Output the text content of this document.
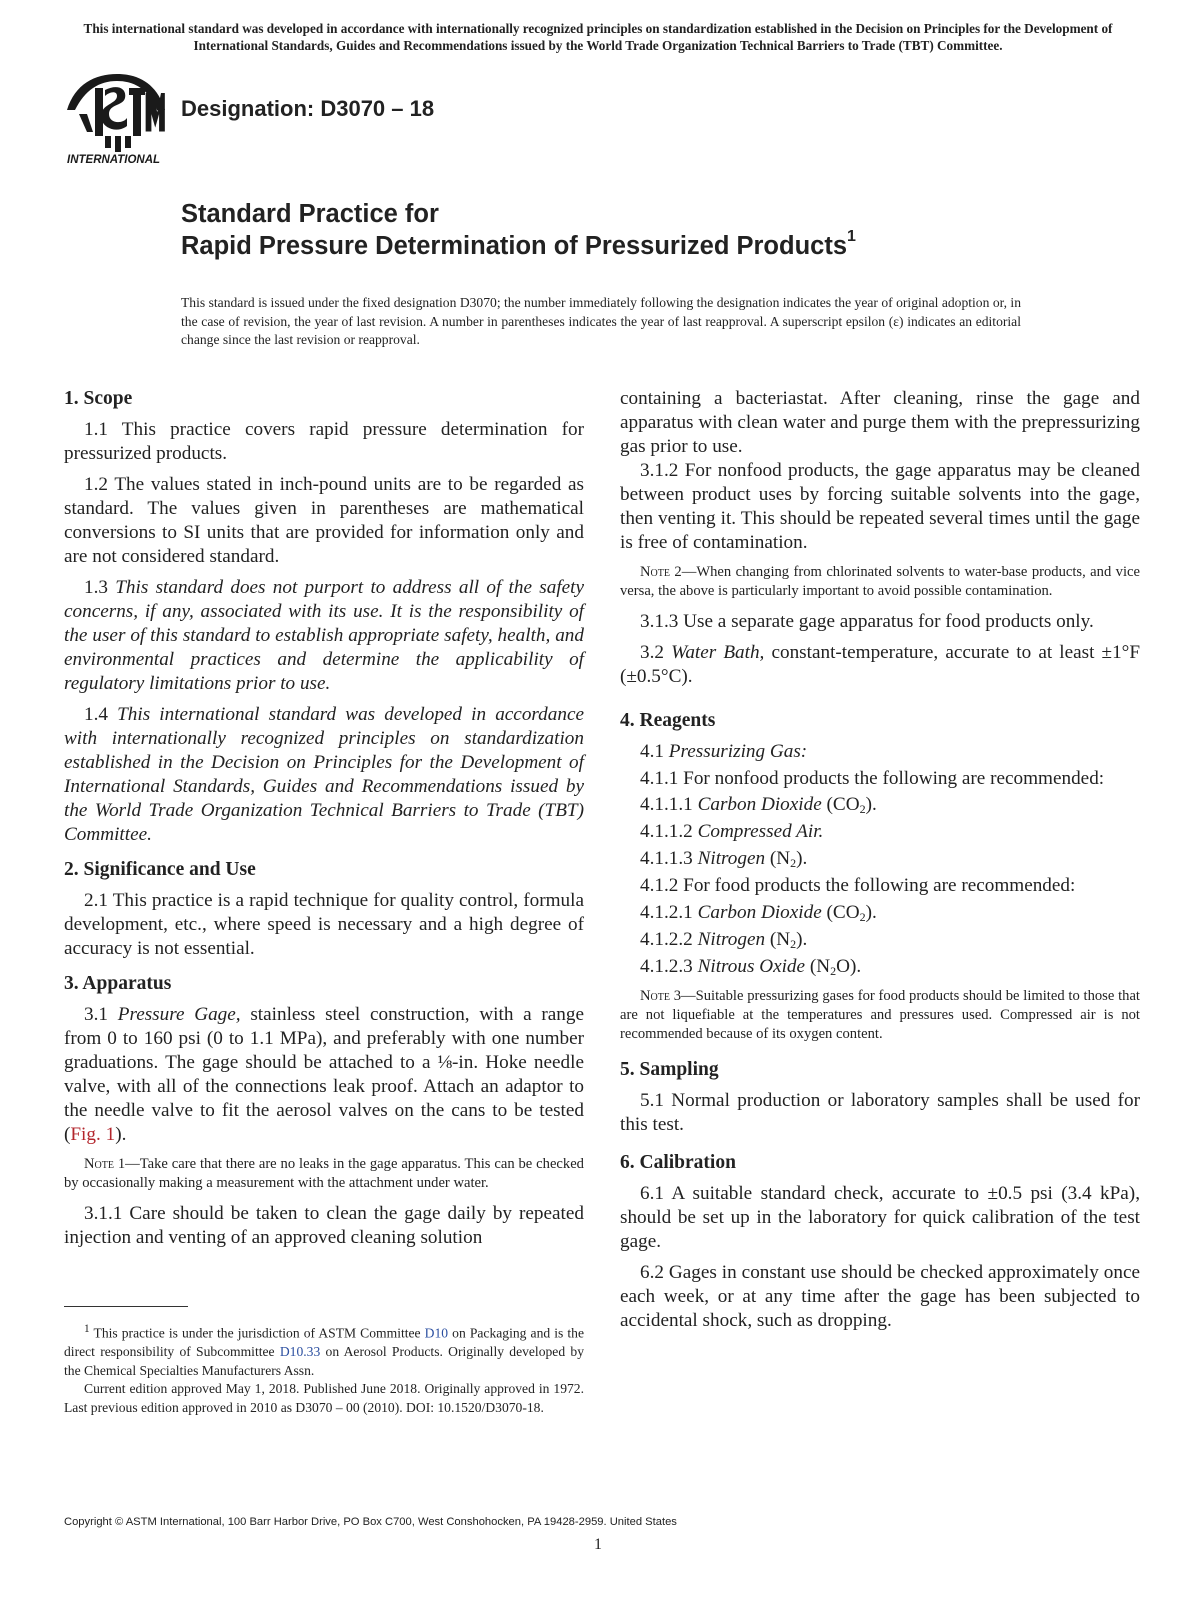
This international standard was developed in accordance with internationally recognized principles on standardization established in the Decision on Principles for the Development of International Standards, Guides and Recommendations issued by the World Trade Organization Technical Barriers to Trade (TBT) Committee.
INTERNATIONAL
Designation: D3070 – 18
Standard Practice for
Rapid Pressure Determination of Pressurized Products$^1$
This standard is issued under the fixed designation D3070; the number immediately following the designation indicates the year of original adoption or, in the case of revision, the year of last revision. A number in parentheses indicates the year of last reapproval. A superscript epsilon (ε) indicates an editorial change since the last revision or reapproval.
1. Scope

1.1 This practice covers rapid pressure determination for pressurized products.

1.2 The values stated in inch-pound units are to be regarded as standard. The values given in parentheses are mathematical conversions to SI units that are provided for information only and are not considered standard.

1.3 This standard does not purport to address all of the safety concerns, if any, associated with its use. It is the responsibility of the user of this standard to establish appropriate safety, health, and environmental practices and determine the applicability of regulatory limitations prior to use.

1.4 This international standard was developed in accordance with internationally recognized principles on standardization established in the Decision on Principles for the Development of International Standards, Guides and Recommendations issued by the World Trade Organization Technical Barriers to Trade (TBT) Committee.

2. Significance and Use

2.1 This practice is a rapid technique for quality control, formula development, etc., where speed is necessary and a high degree of accuracy is not essential.

3. Apparatus

3.1 Pressure Gage, stainless steel construction, with a range from 0 to 160 psi (0 to 1.1 MPa), and preferably with one number graduations. The gage should be attached to a ⅛-in. Hoke needle valve, with all of the connections leak proof. Attach an adaptor to the needle valve to fit the aerosol valves on the cans to be tested (Fig. 1).

Note 1—Take care that there are no leaks in the gage apparatus. This can be checked by occasionally making a measurement with the attachment under water.

3.1.1 Care should be taken to clean the gage daily by repeated injection and venting of an approved cleaning solution

containing a bacteriastat. After cleaning, rinse the gage and apparatus with clean water and purge them with the prepressurizing gas prior to use.

3.1.2 For nonfood products, the gage apparatus may be cleaned between product uses by forcing suitable solvents into the gage, then venting it. This should be repeated several times until the gage is free of contamination.

Note 2—When changing from chlorinated solvents to water-base products, and vice versa, the above is particularly important to avoid possible contamination.

3.1.3 Use a separate gage apparatus for food products only.

3.2 Water Bath, constant-temperature, accurate to at least ±1°F (±0.5°C).

4. Reagents

4.1 Pressurizing Gas:

4.1.1 For nonfood products the following are recommended:

4.1.1.1 Carbon Dioxide $(CO_2)$.

4.1.1.2 Compressed Air.

4.1.1.3 Nitrogen $(N_2)$.

4.1.2 For food products the following are recommended:

4.1.2.1 Carbon Dioxide $(CO_2)$.

4.1.2.2 Nitrogen $(N_2)$.

4.1.2.3 Nitrous Oxide $(N_2O)$.

Note 3—Suitable pressurizing gases for food products should be limited to those that are not liquefiable at the temperatures and pressures used. Compressed air is not recommended because of its oxygen content.

5. Sampling

5.1 Normal production or laboratory samples shall be used for this test.

6. Calibration

6.1 A suitable standard check, accurate to ±0.5 psi (3.4 kPa), should be set up in the laboratory for quick calibration of the test gage.

6.2 Gages in constant use should be checked approximately once each week, or at any time after the gage has been subjected to accidental shock, such as dropping.

$^1$ This practice is under the jurisdiction of ASTM Committee D10 on Packaging and is the direct responsibility of Subcommittee D10.33 on Aerosol Products. Originally developed by the Chemical Specialties Manufacturers Assn.

Current edition approved May 1, 2018. Published June 2018. Originally approved in 1972. Last previous edition approved in 2010 as D3070 – 00 (2010). DOI: 10.1520/D3070-18.

Copyright © ASTM International, 100 Barr Harbor Drive, PO Box C700, West Conshohocken, PA 19428-2959. United States
1
